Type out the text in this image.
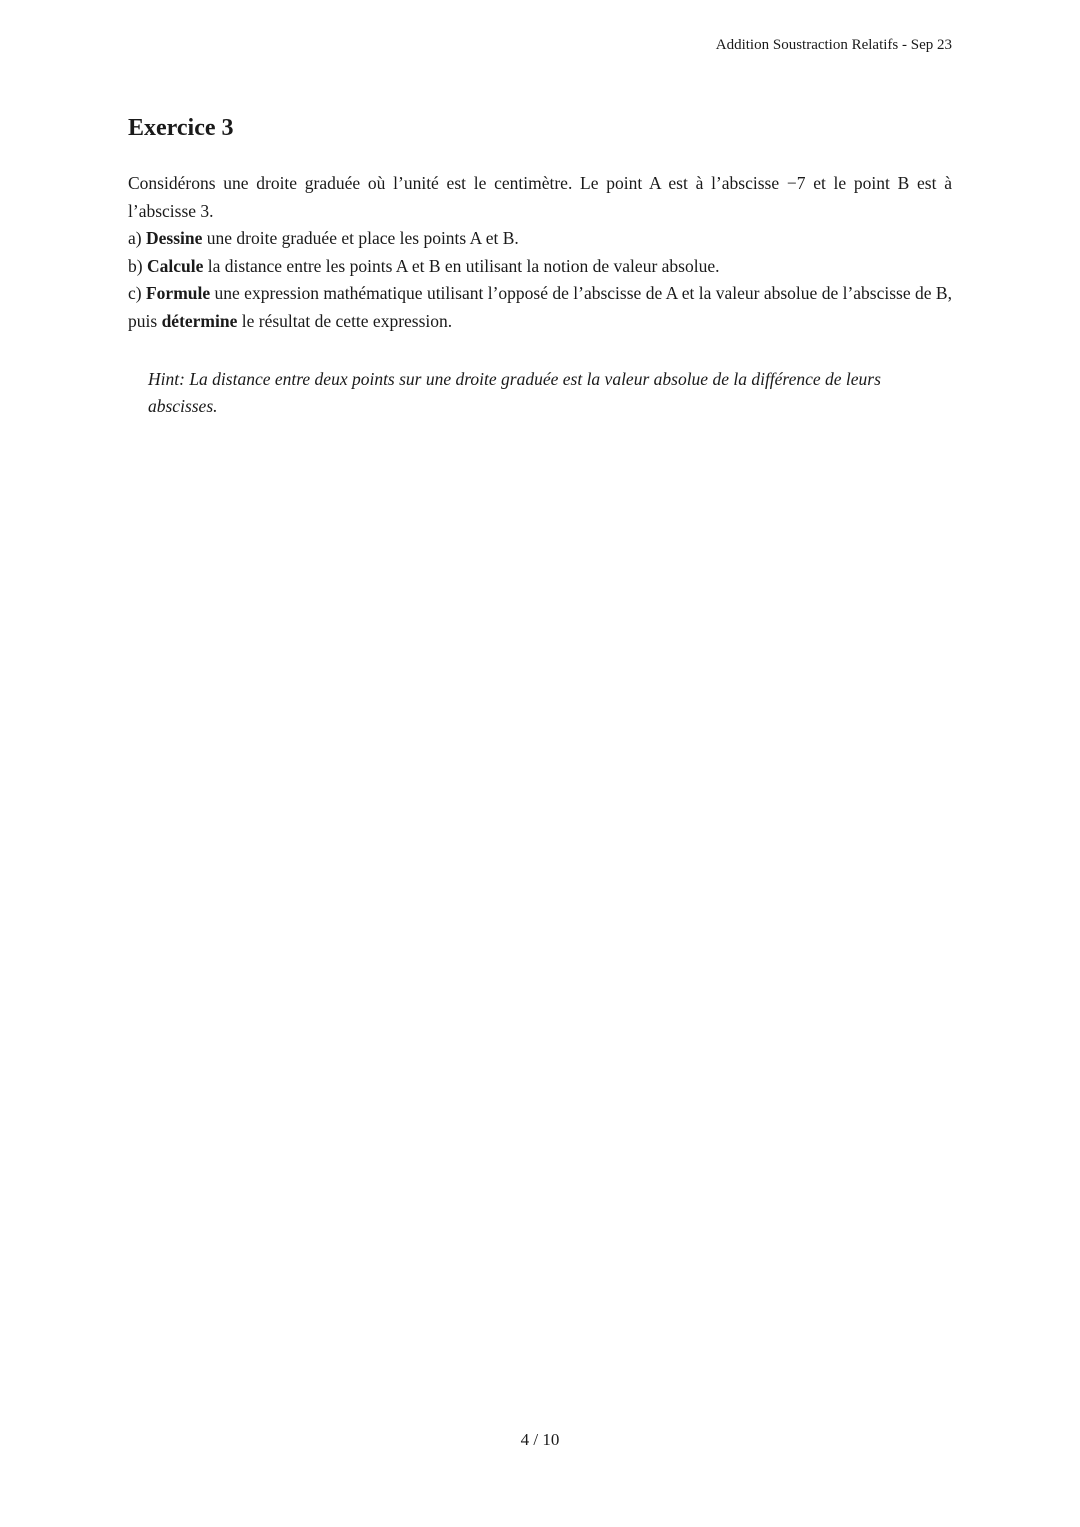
Addition Soustraction Relatifs - Sep 23
Exercice 3

Considérons une droite graduée où l’unité est le centimètre. Le point A est à l’abscisse −7 et le point B est à l’abscisse 3.

a) Dessine une droite graduée et place les points A et B.
b) Calcule la distance entre les points A et B en utilisant la notion de valeur absolue.
c) Formule une expression mathématique utilisant l’opposé de l’abscisse de A et la valeur absolue de l’abscisse de B, puis détermine le résultat de cette expression.
Hint: La distance entre deux points sur une droite graduée est la valeur absolue de la différence de leurs abscisses.
4 / 10
